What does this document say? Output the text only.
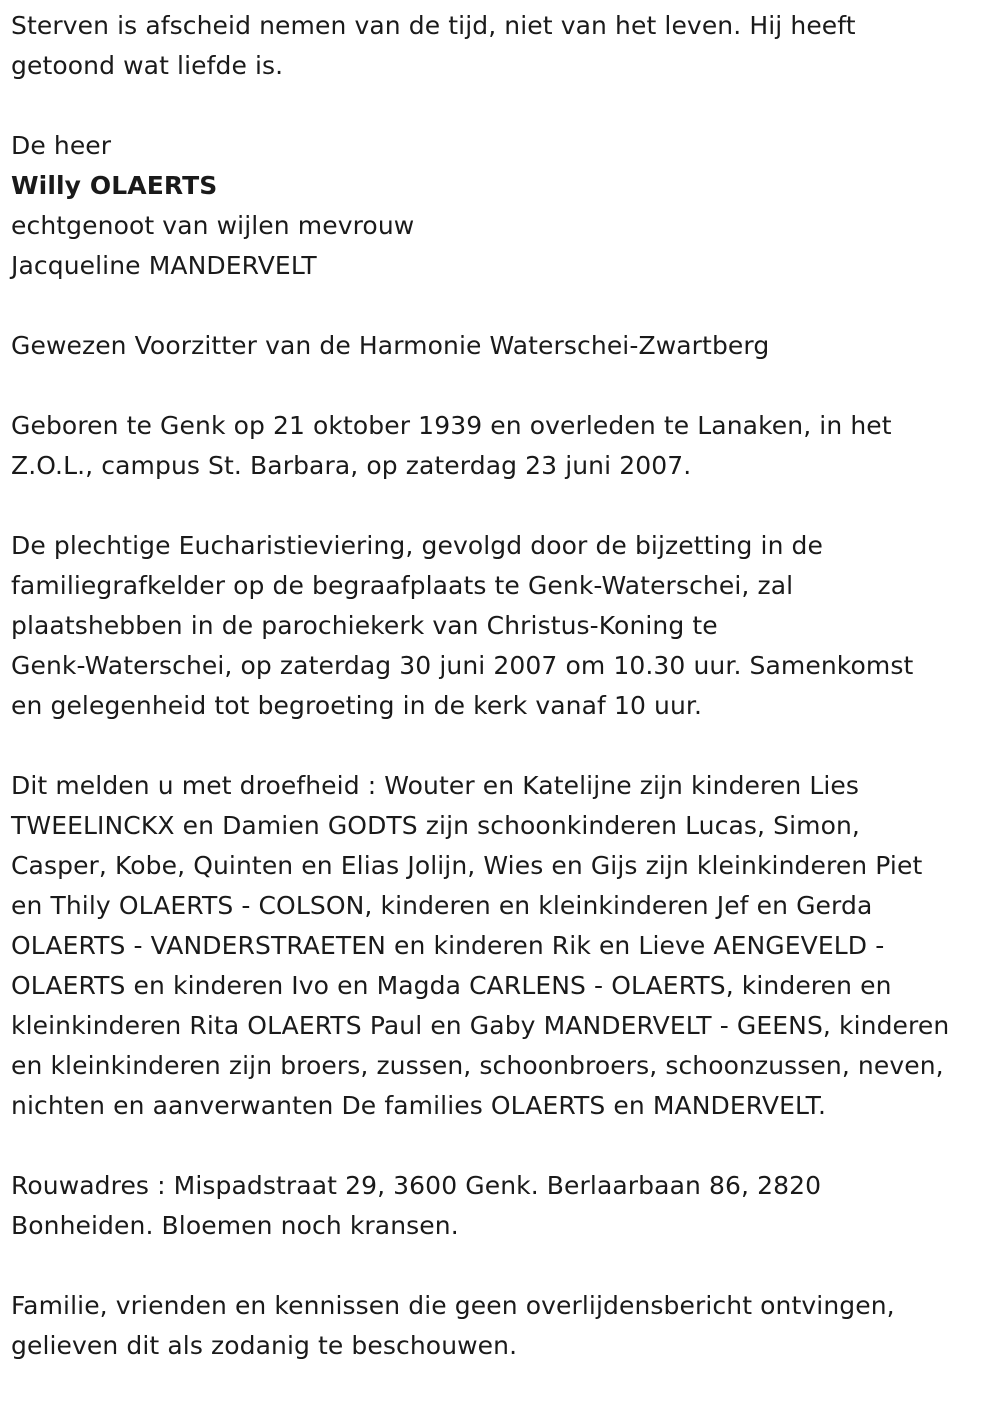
Sterven is afscheid nemen van de tijd, niet van het leven. Hij heeft
getoond wat liefde is.

De heer

Willy OLAERTS

echtgenoot van wijlen mevrouw

Jacqueline MANDERVELT

Gewezen Voorzitter van de Harmonie Waterschei-Zwartberg

Geboren te Genk op 21 oktober 1939 en overleden te Lanaken, in het
Z.O.L., campus St. Barbara, op zaterdag 23 juni 2007.

De plechtige Eucharistieviering, gevolgd door de bijzetting in de
familiegrafkelder op de begraafplaats te Genk-Waterschei, zal
plaatshebben in de parochiekerk van Christus-Koning te
Genk-Waterschei, op zaterdag 30 juni 2007 om 10.30 uur. Samenkomst
en gelegenheid tot begroeting in de kerk vanaf 10 uur.

Dit melden u met droefheid : Wouter en Katelijne zijn kinderen Lies
TWEELINCKX en Damien GODTS zijn schoonkinderen Lucas, Simon,
Casper, Kobe, Quinten en Elias Jolijn, Wies en Gijs zijn kleinkinderen Piet
en Thily OLAERTS - COLSON, kinderen en kleinkinderen Jef en Gerda
OLAERTS - VANDERSTRAETEN en kinderen Rik en Lieve AENGEVELD -
OLAERTS en kinderen Ivo en Magda CARLENS - OLAERTS, kinderen en
kleinkinderen Rita OLAERTS Paul en Gaby MANDERVELT - GEENS, kinderen
en kleinkinderen zijn broers, zussen, schoonbroers, schoonzussen, neven,
nichten en aanverwanten De families OLAERTS en MANDERVELT.

Rouwadres : Mispadstraat 29, 3600 Genk. Berlaarbaan 86, 2820
Bonheiden. Bloemen noch kransen.

Familie, vrienden en kennissen die geen overlijdensbericht ontvingen,
gelieven dit als zodanig te beschouwen.
